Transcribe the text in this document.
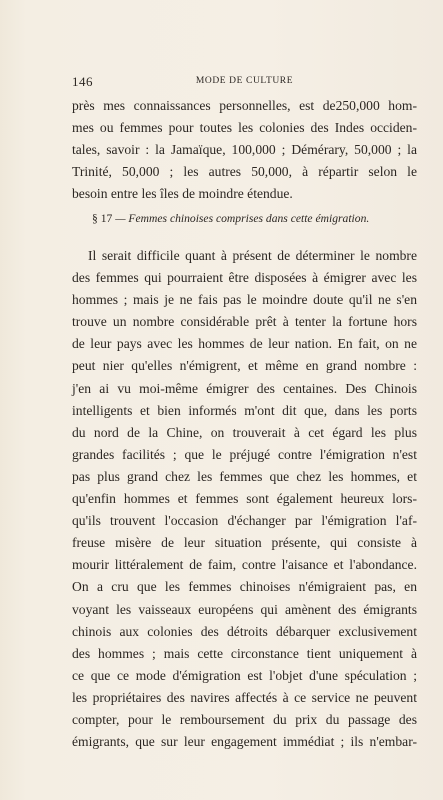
146	MODE DE CULTURE
près mes connaissances personnelles, est de250,000 hom-
mes ou femmes pour toutes les colonies des Indes occiden-
tales, savoir : la Jamaïque, 100,000 ; Démérary, 50,000 ; la
Trinité, 50,000 ; les autres 50,000, à répartir selon le
besoin entre les îles de moindre étendue.
§ 17 — Femmes chinoises comprises dans cette émigration.
Il serait difficile quant à présent de déterminer le nombre
des femmes qui pourraient être disposées à émigrer avec les
hommes ; mais je ne fais pas le moindre doute qu'il ne s'en
trouve un nombre considérable prêt à tenter la fortune hors
de leur pays avec les hommes de leur nation. En fait, on ne
peut nier qu'elles n'émigrent, et même en grand nombre :
j'en ai vu moi-même émigrer des centaines. Des Chinois
intelligents et bien informés m'ont dit que, dans les ports
du nord de la Chine, on trouverait à cet égard les plus
grandes facilités ; que le préjugé contre l'émigration n'est
pas plus grand chez les femmes que chez les hommes, et
qu'enfin hommes et femmes sont également heureux lors-
qu'ils trouvent l'occasion d'échanger par l'émigration l'af-
freuse misère de leur situation présente, qui consiste à
mourir littéralement de faim, contre l'aisance et l'abondance.
On a cru que les femmes chinoises n'émigraient pas, en
voyant les vaisseaux européens qui amènent des émigrants
chinois aux colonies des détroits débarquer exclusivement
des hommes ; mais cette circonstance tient uniquement à
ce que ce mode d'émigration est l'objet d'une spéculation ;
les propriétaires des navires affectés à ce service ne peuvent
compter, pour le remboursement du prix du passage des
émigrants, que sur leur engagement immédiat ; ils n'embar-
